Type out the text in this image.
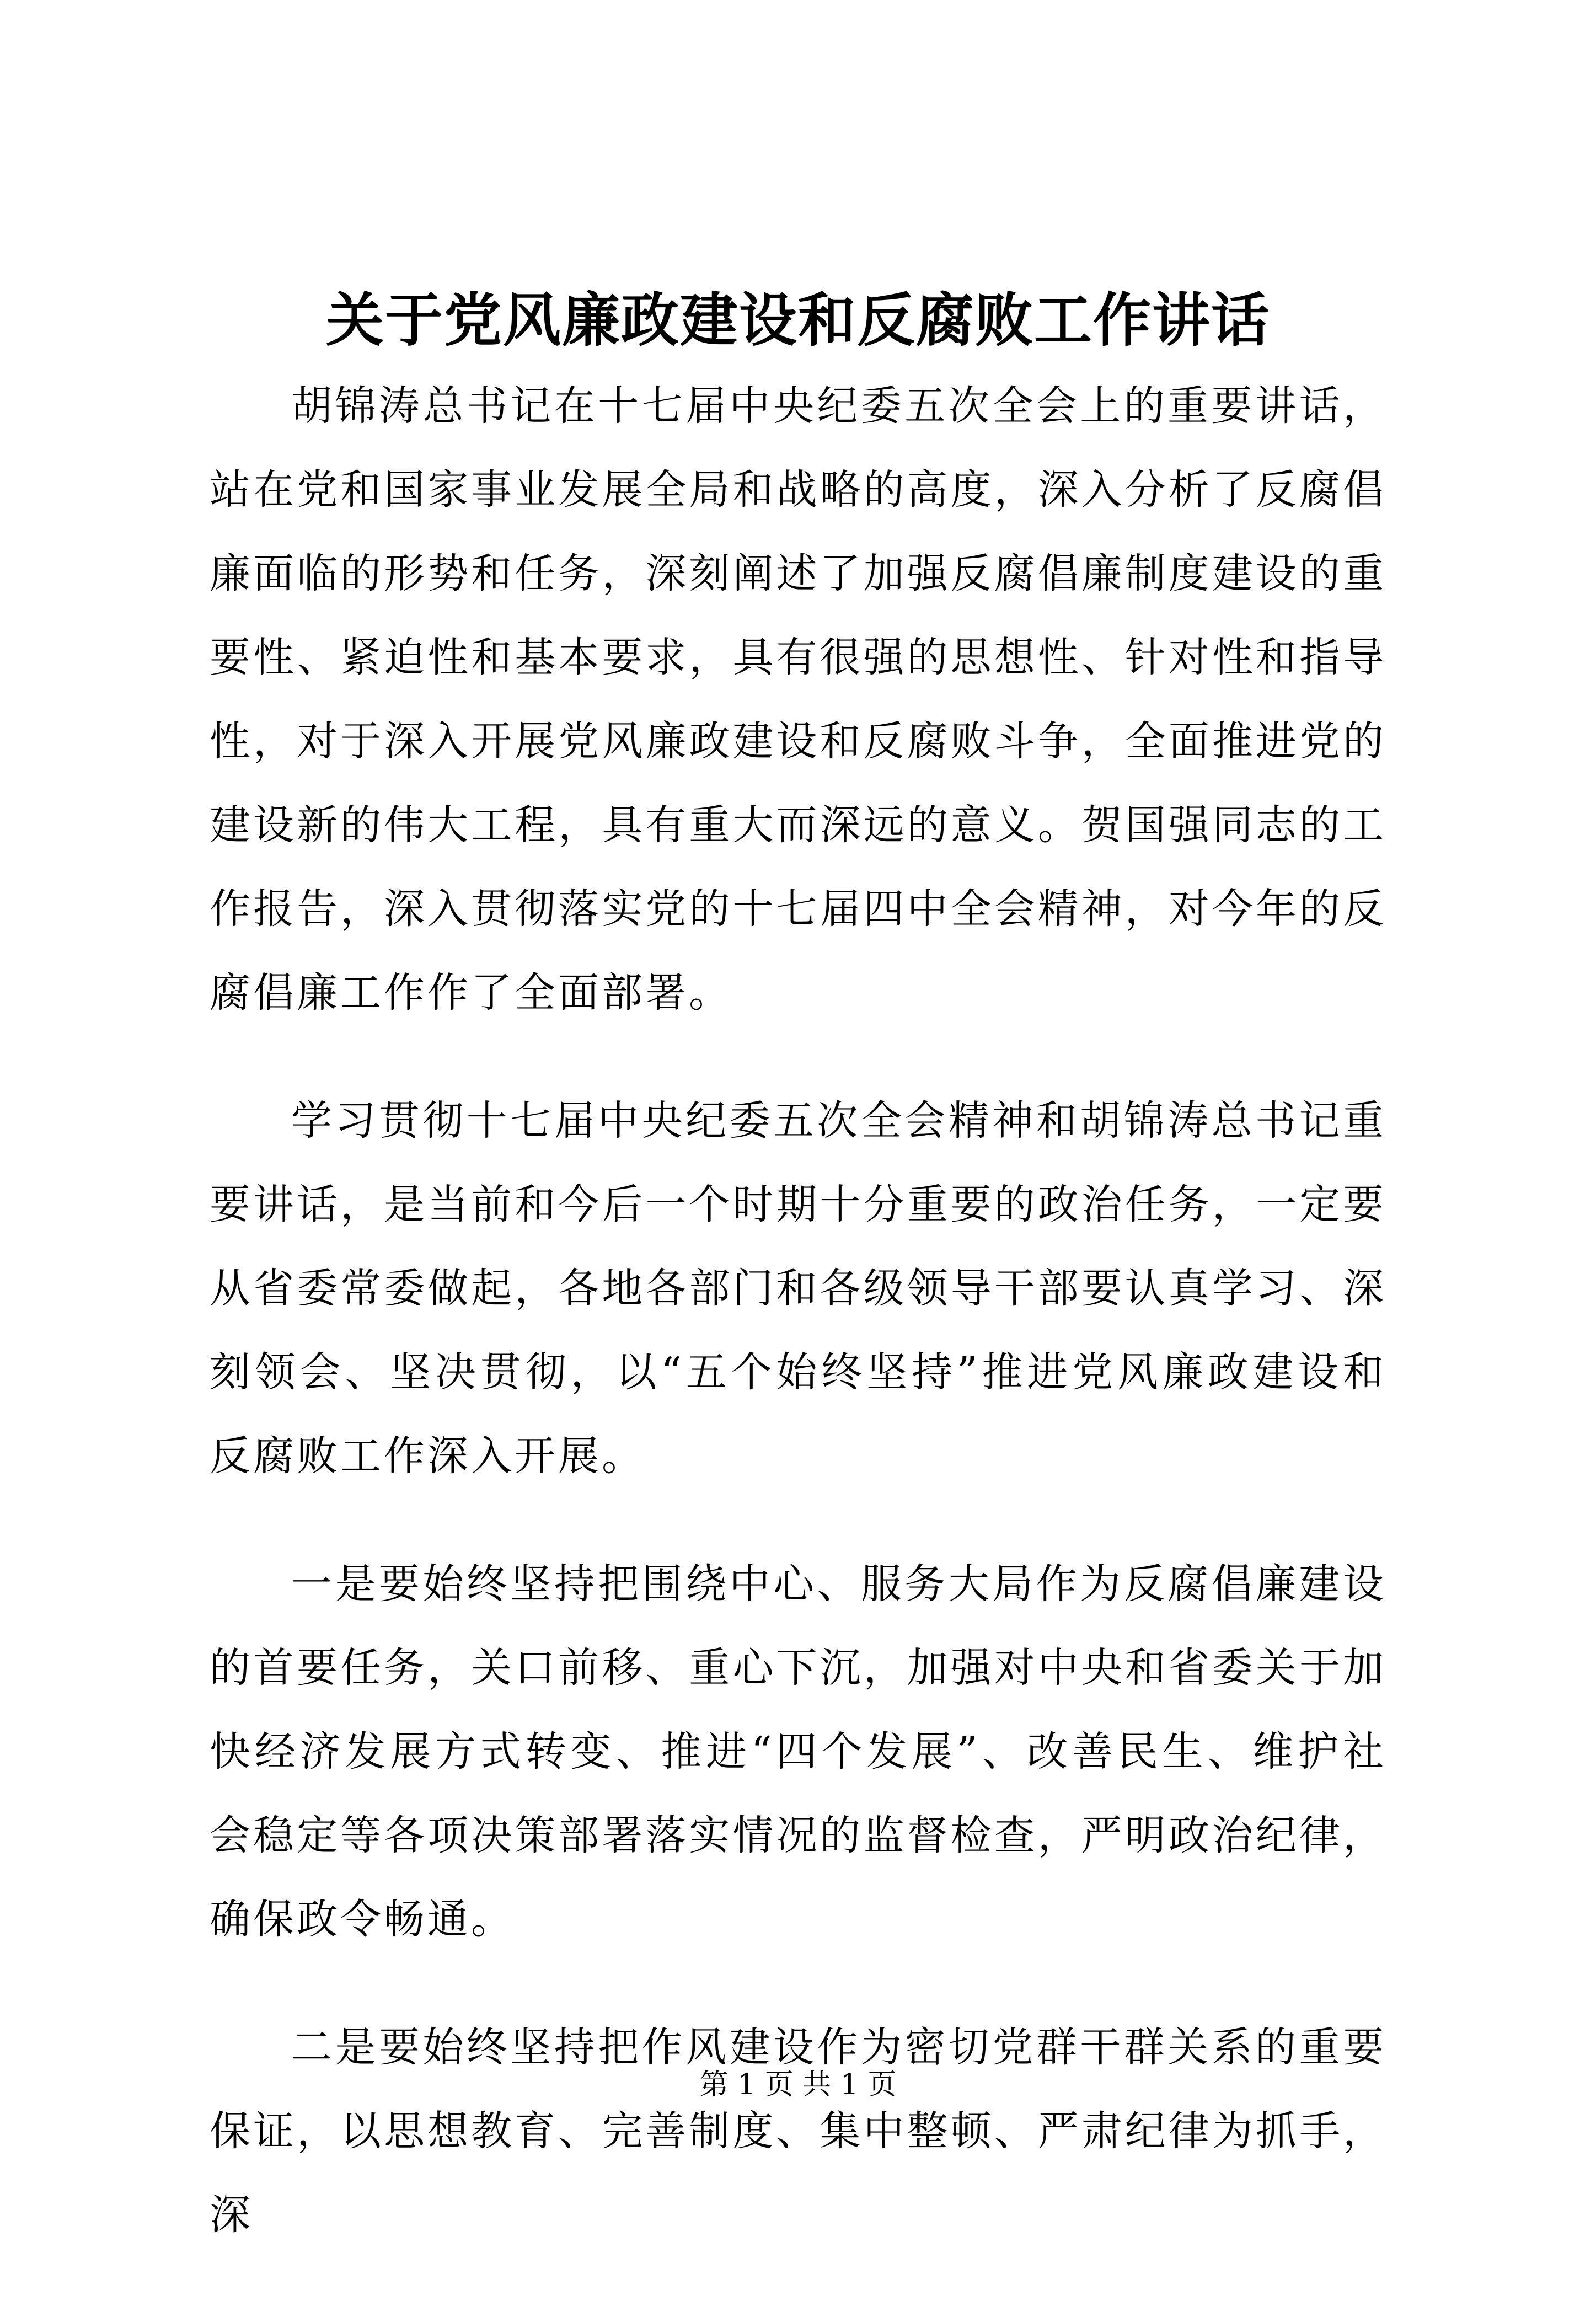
关于党风廉政建设和反腐败工作讲话

胡锦涛总书记在十七届中央纪委五次全会上的重要讲话，站在党和国家事业发展全局和战略的高度，深入分析了反腐倡廉面临的形势和任务，深刻阐述了加强反腐倡廉制度建设的重要性、紧迫性和基本要求，具有很强的思想性、针对性和指导性，对于深入开展党风廉政建设和反腐败斗争，全面推进党的建设新的伟大工程，具有重大而深远的意义。贺国强同志的工作报告，深入贯彻落实党的十七届四中全会精神，对今年的反腐倡廉工作作了全面部署。

学习贯彻十七届中央纪委五次全会精神和胡锦涛总书记重要讲话，是当前和今后一个时期十分重要的政治任务，一定要从省委常委做起，各地各部门和各级领导干部要认真学习、深刻领会、坚决贯彻，以“五个始终坚持”推进党风廉政建设和反腐败工作深入开展。

一是要始终坚持把围绕中心、服务大局作为反腐倡廉建设的首要任务，关口前移、重心下沉，加强对中央和省委关于加快经济发展方式转变、推进“四个发展”、改善民生、维护社会稳定等各项决策部署落实情况的监督检查，严明政治纪律，确保政令畅通。

二是要始终坚持把作风建设作为密切党群干群关系的重要保证，以思想教育、完善制度、集中整顿、严肃纪律为抓手，深

第 1 页 共 1 页
